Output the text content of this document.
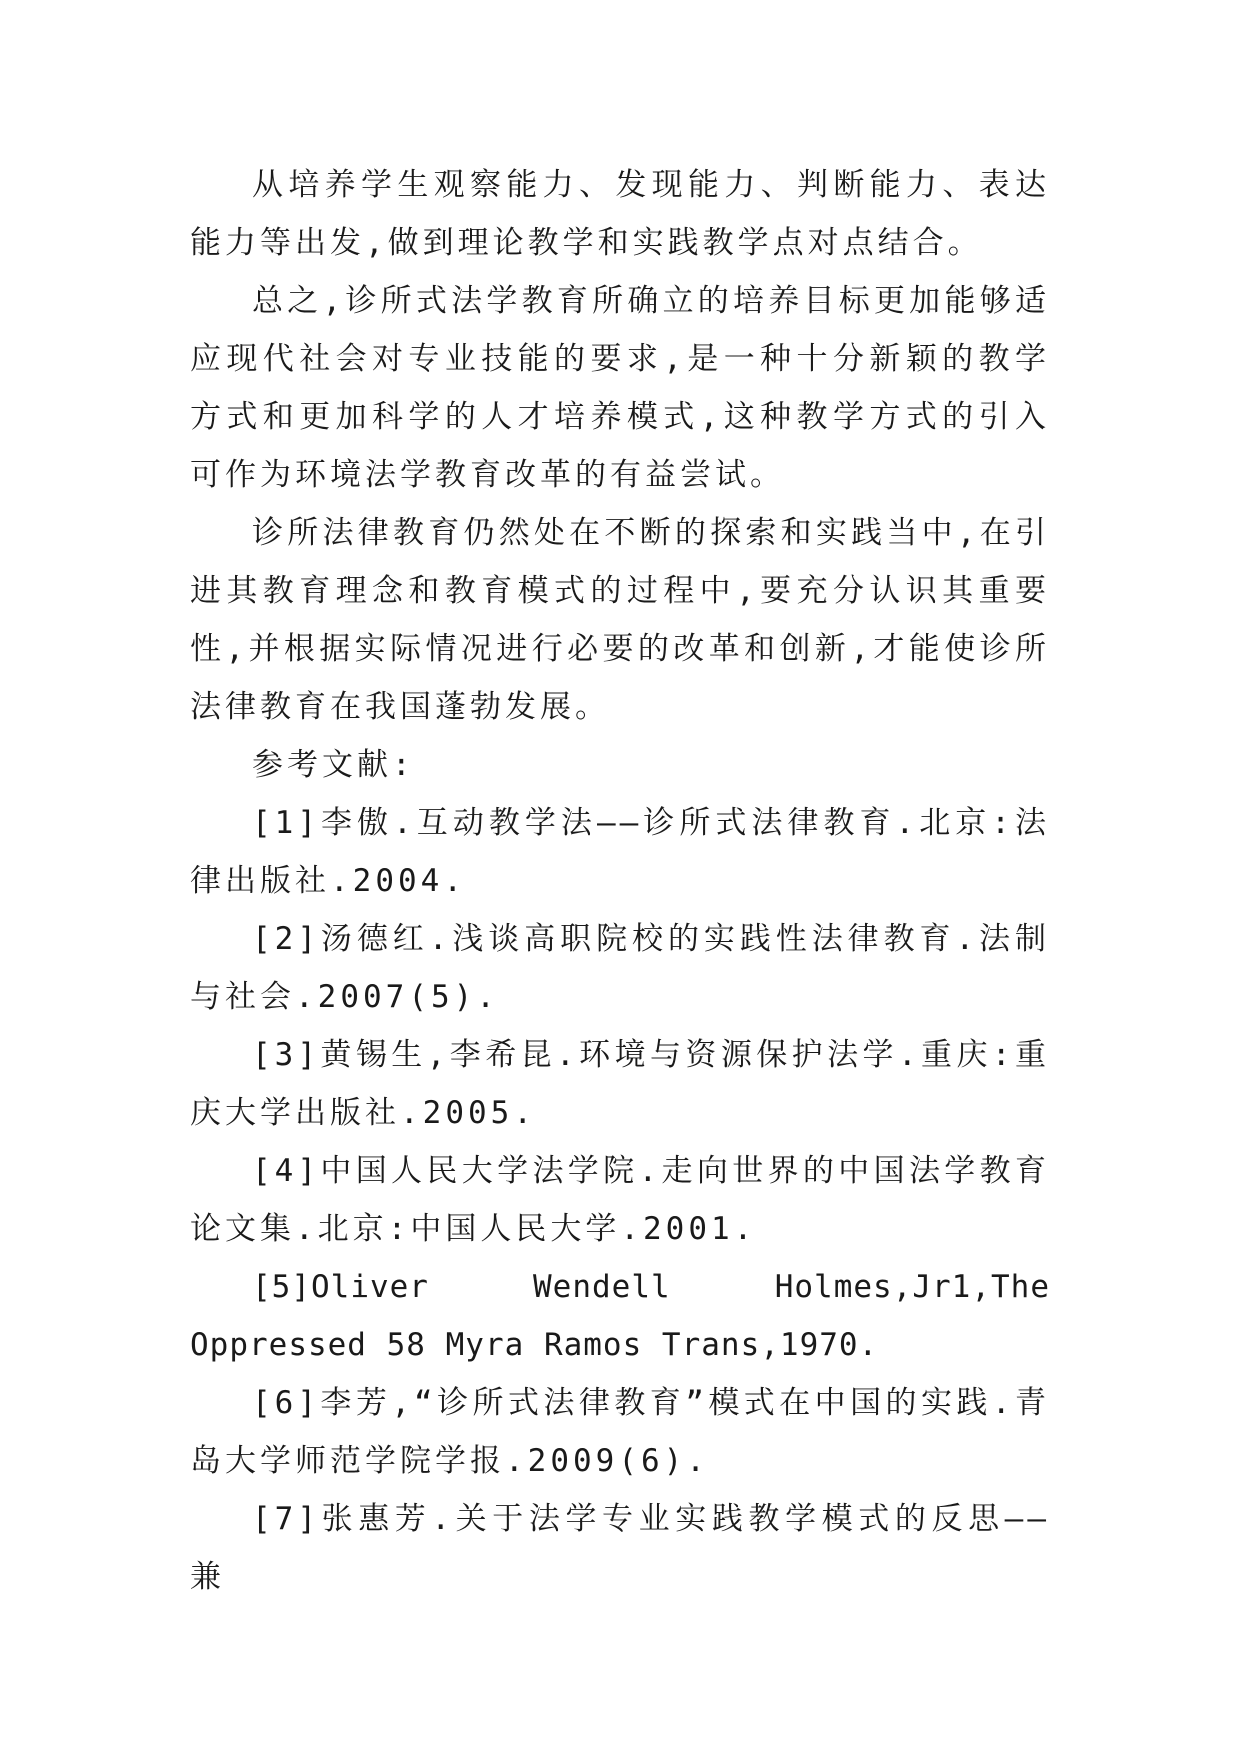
从培养学生观察能力、发现能力、判断能力、表达能力等出发,做到理论教学和实践教学点对点结合。

总之,诊所式法学教育所确立的培养目标更加能够适应现代社会对专业技能的要求,是一种十分新颖的教学方式和更加科学的人才培养模式,这种教学方式的引入可作为环境法学教育改革的有益尝试。

诊所法律教育仍然处在不断的探索和实践当中,在引进其教育理念和教育模式的过程中,要充分认识其重要性,并根据实际情况进行必要的改革和创新,才能使诊所法律教育在我国蓬勃发展。

参考文献:

[1]李傲.互动教学法——诊所式法律教育.北京:法律出版社.2004.

[2]汤德红.浅谈高职院校的实践性法律教育.法制与社会.2007(5).

[3]黄锡生,李希昆.环境与资源保护法学.重庆:重庆大学出版社.2005.

[4]中国人民大学法学院.走向世界的中国法学教育论文集.北京:中国人民大学.2001.

[5]Oliver Wendell Holmes,Jr1,The Oppressed 58 Myra Ramos Trans,1970.

[6]李芳,“诊所式法律教育”模式在中国的实践.青岛大学师范学院学报.2009(6).

[7]张惠芳.关于法学专业实践教学模式的反思——兼
